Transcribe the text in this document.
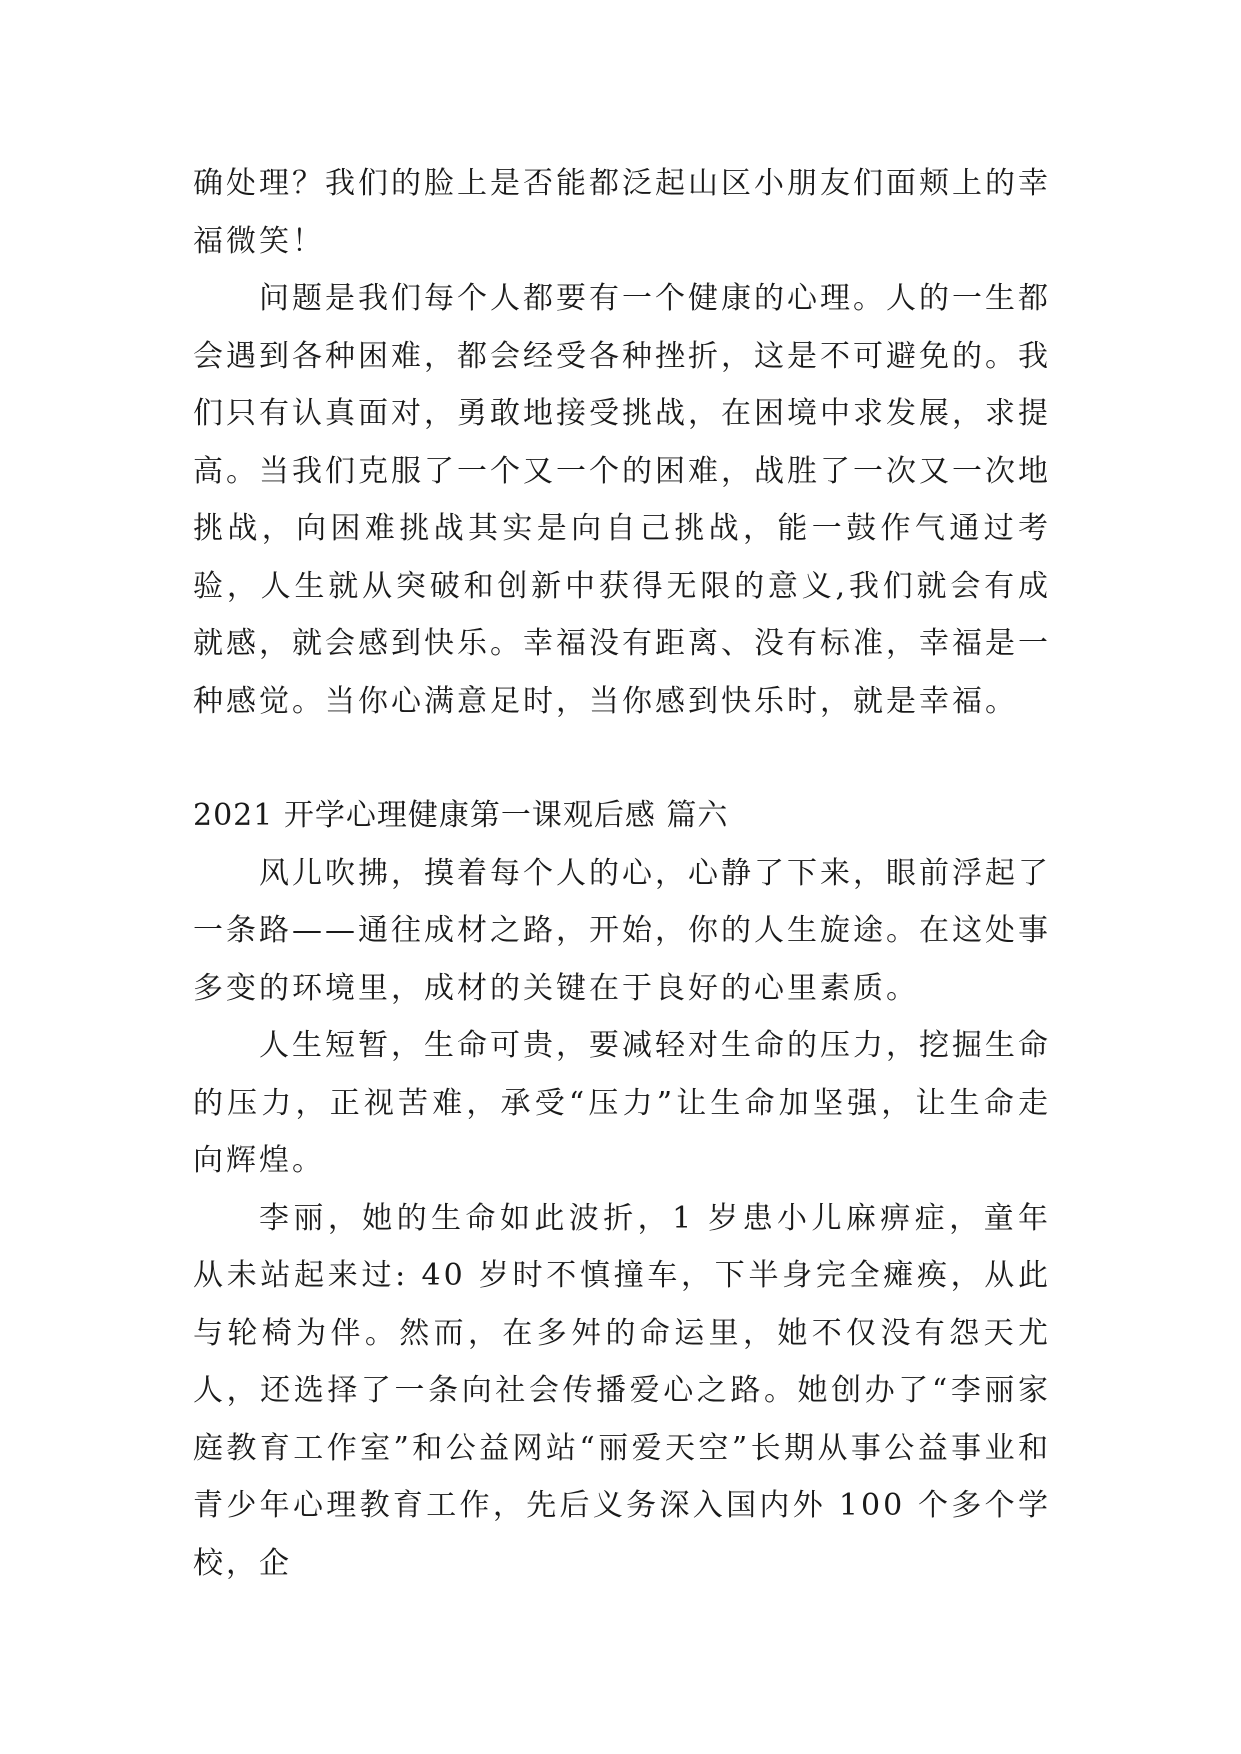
确处理？我们的脸上是否能都泛起山区小朋友们面颊上的幸福微笑！

问题是我们每个人都要有一个健康的心理。人的一生都会遇到各种困难，都会经受各种挫折，这是不可避免的。我们只有认真面对，勇敢地接受挑战，在困境中求发展，求提高。当我们克服了一个又一个的困难，战胜了一次又一次地挑战，向困难挑战其实是向自己挑战，能一鼓作气通过考验，人生就从突破和创新中获得无限的意义,我们就会有成就感，就会感到快乐。幸福没有距离、没有标准，幸福是一种感觉。当你心满意足时，当你感到快乐时，就是幸福。

2021 开学心理健康第一课观后感 篇六

风儿吹拂，摸着每个人的心，心静了下来，眼前浮起了一条路——通往成材之路，开始，你的人生旋途。在这处事多变的环境里，成材的关键在于良好的心里素质。

人生短暂，生命可贵，要减轻对生命的压力，挖掘生命的压力，正视苦难，承受“压力”让生命加坚强，让生命走向辉煌。

李丽，她的生命如此波折，1 岁患小儿麻痹症，童年从未站起来过: 40 岁时不慎撞车，下半身完全瘫痪，从此与轮椅为伴。然而，在多舛的命运里，她不仅没有怨天尤人，还选择了一条向社会传播爱心之路。她创办了“李丽家庭教育工作室”和公益网站“丽爱天空”长期从事公益事业和青少年心理教育工作，先后义务深入国内外 100 个多个学校，企
